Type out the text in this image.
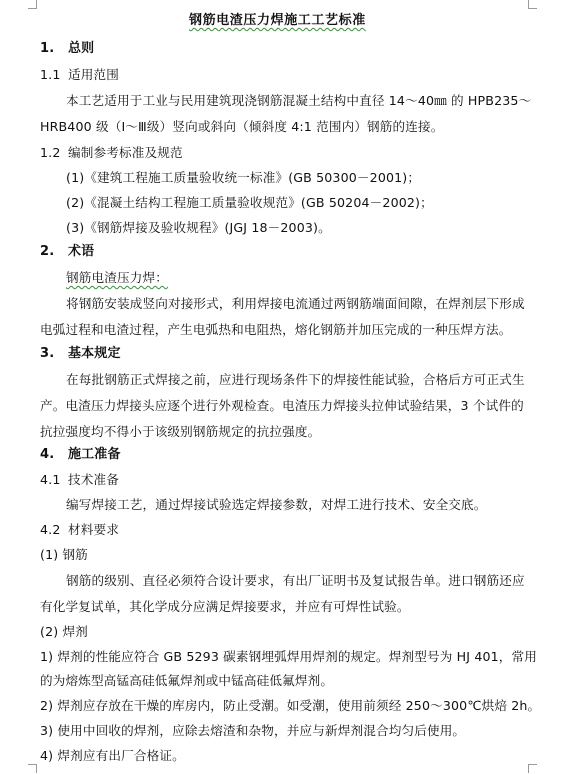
钢筋电渣压力焊施工工艺标准
1. 总则
1.1 适用范围
本工艺适用于工业与民用建筑现浇钢筋混凝土结构中直径 14～40㎜ 的 HPB235～
HRB400 级（Ⅰ～Ⅲ级）竖向或斜向（倾斜度 4:1 范围内）钢筋的连接。
1.2 编制参考标准及规范
(1)《建筑工程施工质量验收统一标准》(GB 50300－2001)；
(2)《混凝土结构工程施工质量验收规范》(GB 50204－2002)；
(3)《钢筋焊接及验收规程》(JGJ 18－2003)。
2. 术语
钢筋电渣压力焊：
将钢筋安装成竖向对接形式，利用焊接电流通过两钢筋端面间隙，在焊剂层下形成
电弧过程和电渣过程，产生电弧热和电阻热，熔化钢筋并加压完成的一种压焊方法。
3. 基本规定
在每批钢筋正式焊接之前，应进行现场条件下的焊接性能试验，合格后方可正式生
产。电渣压力焊接头应逐个进行外观检查。电渣压力焊接头拉伸试验结果，3 个试件的
抗拉强度均不得小于该级别钢筋规定的抗拉强度。
4. 施工准备
4.1 技术准备
编写焊接工艺，通过焊接试验选定焊接参数，对焊工进行技术、安全交底。
4.2 材料要求
(1) 钢筋
钢筋的级别、直径必须符合设计要求，有出厂证明书及复试报告单。进口钢筋还应
有化学复试单，其化学成分应满足焊接要求，并应有可焊性试验。
(2) 焊剂
1) 焊剂的性能应符合 GB 5293 碳素钢埋弧焊用焊剂的规定。焊剂型号为 HJ 401，常用
的为熔炼型高锰高硅低氟焊剂或中锰高硅低氟焊剂。
2) 焊剂应存放在干燥的库房内，防止受潮。如受潮，使用前须经 250～300℃烘焙 2h。
3) 使用中回收的焊剂，应除去熔渣和杂物，并应与新焊剂混合均匀后使用。
4) 焊剂应有出厂合格证。
